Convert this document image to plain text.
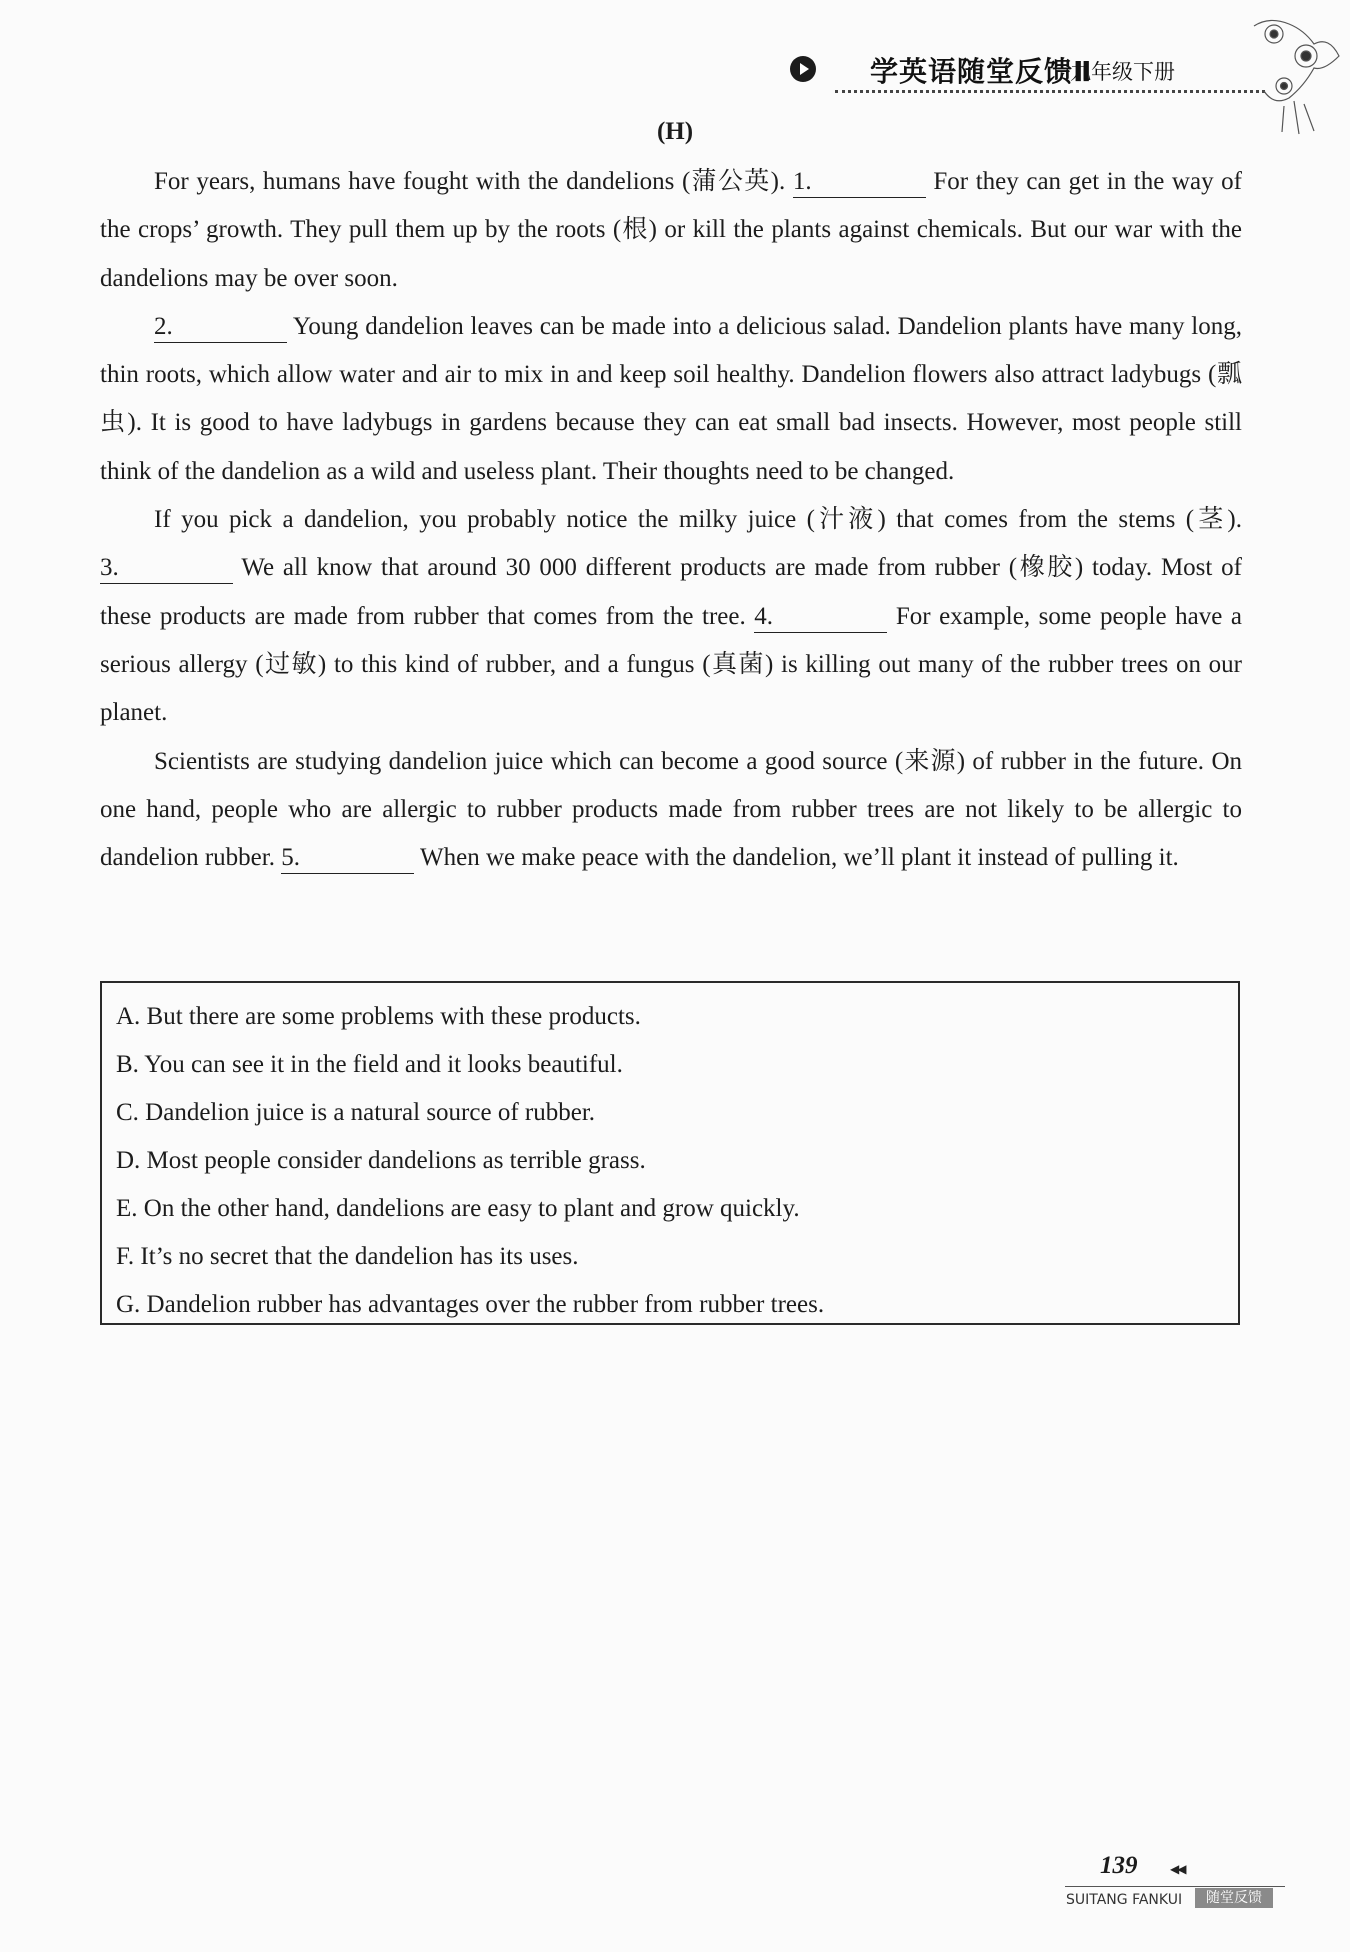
学英语随堂反馈Ⅱ
九年级下册
(H)

For years, humans have fought with the dandelions (蒲公英). 1.	For they can get in the way of the crops’ growth. They pull them up by the roots (根) or kill the plants against chemicals. But our war with the dandelions may be over soon.

2.	Young dandelion leaves can be made into a delicious salad. Dandelion plants have many long, thin roots, which allow water and air to mix in and keep soil healthy. Dandelion flowers also attract ladybugs (瓢虫). It is good to have ladybugs in gardens because they can eat small bad insects. However, most people still think of the dandelion as a wild and useless plant. Their thoughts need to be changed.

If you pick a dandelion, you probably notice the milky juice (汁液) that comes from the stems (茎). 3.	We all know that around 30 000 different products are made from rubber (橡胶) today. Most of these products are made from rubber that comes from the tree. 4.	For example, some people have a serious allergy (过敏) to this kind of rubber, and a fungus (真菌) is killing out many of the rubber trees on our planet.

Scientists are studying dandelion juice which can become a good source (来源) of rubber in the future. On one hand, people who are allergic to rubber products made from rubber trees are not likely to be allergic to dandelion rubber. 5.	When we make peace with the dandelion, we’ll plant it instead of pulling it.

A. But there are some problems with these products.
B. You can see it in the field and it looks beautiful.
C. Dandelion juice is a natural source of rubber.
D. Most people consider dandelions as terrible grass.
E. On the other hand, dandelions are easy to plant and grow quickly.
F. It’s no secret that the dandelion has its uses.
G. Dandelion rubber has advantages over the rubber from rubber trees.
139	◀◀
SUITANG FANKUI	随堂反馈
